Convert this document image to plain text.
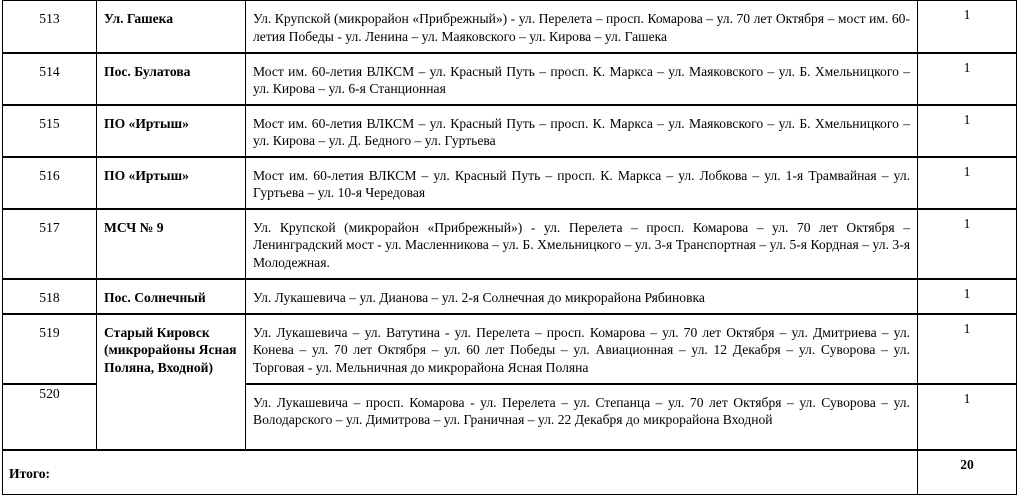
513	Ул. Гашека	Ул. Крупской (микрорайон «Прибрежный») - ул. Перелета – просп. Комарова – ул. 70 лет Октября – мост им. 60-летия Победы - ул. Ленина – ул. Маяковского – ул. Кирова – ул. Гашека	1
514	Пос. Булатова	Мост им. 60-летия ВЛКСМ – ул. Красный Путь – просп. К. Маркса – ул. Маяковского – ул. Б. Хмельницкого – ул. Кирова – ул. 6-я Станционная	1
515	ПО «Иртыш»	Мост им. 60-летия ВЛКСМ – ул. Красный Путь – просп. К. Маркса – ул. Маяковского – ул. Б. Хмельницкого – ул. Кирова – ул. Д. Бедного – ул. Гуртьева	1
516	ПО «Иртыш»	Мост им. 60-летия ВЛКСМ – ул. Красный Путь – просп. К. Маркса – ул. Лобкова – ул. 1-я Трамвайная – ул. Гуртьева – ул. 10-я Чередовая	1
517	МСЧ № 9	Ул. Крупской (микрорайон «Прибрежный») - ул. Перелета – просп. Комарова – ул. 70 лет Октября – Ленинградский мост - ул. Масленникова – ул. Б. Хмельницкого – ул. 3-я Транспортная – ул. 5-я Кордная – ул. 3-я Молодежная.	1
518	Пос. Солнечный	Ул. Лукашевича – ул. Дианова – ул. 2-я Солнечная до микрорайона Рябиновка	1
519	Старый Кировск (микрорайоны Ясная Поляна, Входной)	Ул. Лукашевича – ул. Ватутина - ул. Перелета – просп. Комарова – ул. 70 лет Октября – ул. Дмитриева – ул. Конева – ул. 70 лет Октября – ул. 60 лет Победы – ул. Авиационная – ул. 12 Декабря – ул. Суворова – ул. Торговая - ул. Мельничная до микрорайона Ясная Поляна	1
520		Ул. Лукашевича – просп. Комарова - ул. Перелета – ул. Степанца – ул. 70 лет Октября – ул. Суворова – ул. Володарского – ул. Димитрова – ул. Граничная – ул. 22 Декабря до микрорайона Входной	1
Итого:			20
